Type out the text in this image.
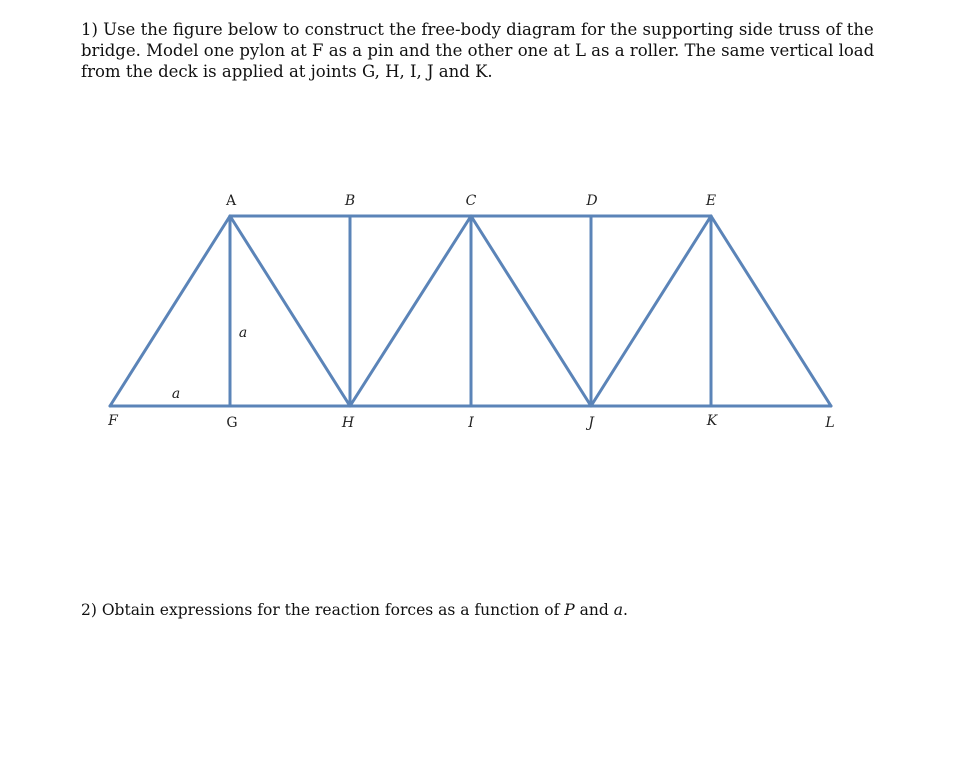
1) Use the figure below to construct the free-body diagram for the supporting side truss of the bridge. Model one pylon at F as a pin and the other one at L as a roller. The same vertical load from the deck is applied at joints G, H, I, J and K.

A	B	C	D	E
F	G	H	I	J	K	L
a
a

2) Obtain expressions for the reaction forces as a function of P and a.
